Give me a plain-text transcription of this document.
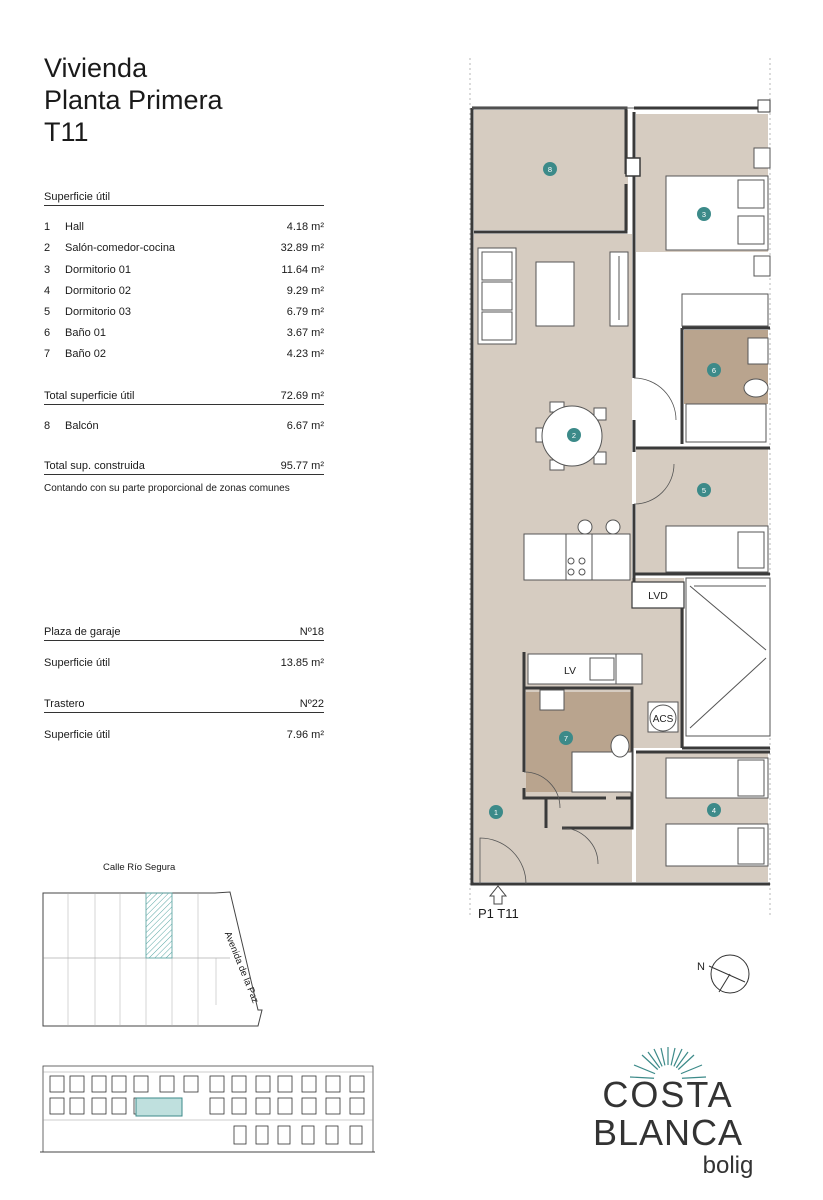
Vivienda
Planta Primera
T11
Superficie útil
1	Hall	4.18 m²
2	Salón-comedor-cocina	32.89 m²
3	Dormitorio 01	11.64 m²
4	Dormitorio 02	9.29 m²
5	Dormitorio 03	6.79 m²
6	Baño 01	3.67 m²
7	Baño 02	4.23 m²
Total superficie útil	72.69 m²
8	Balcón	6.67 m²
Total sup. construida	95.77 m²
Contando con su parte proporcional de zonas comunes
Plaza de garaje	Nº18
Superficie útil	13.85 m²
Trastero	Nº22
Superficie útil	7.96 m²
Calle Río Segura
Avenida de la Paz
LVD
LV
ACS
8
3
2
6
5
7
4
1
P1 T11
N
COSTA
BLANCA
bolig
